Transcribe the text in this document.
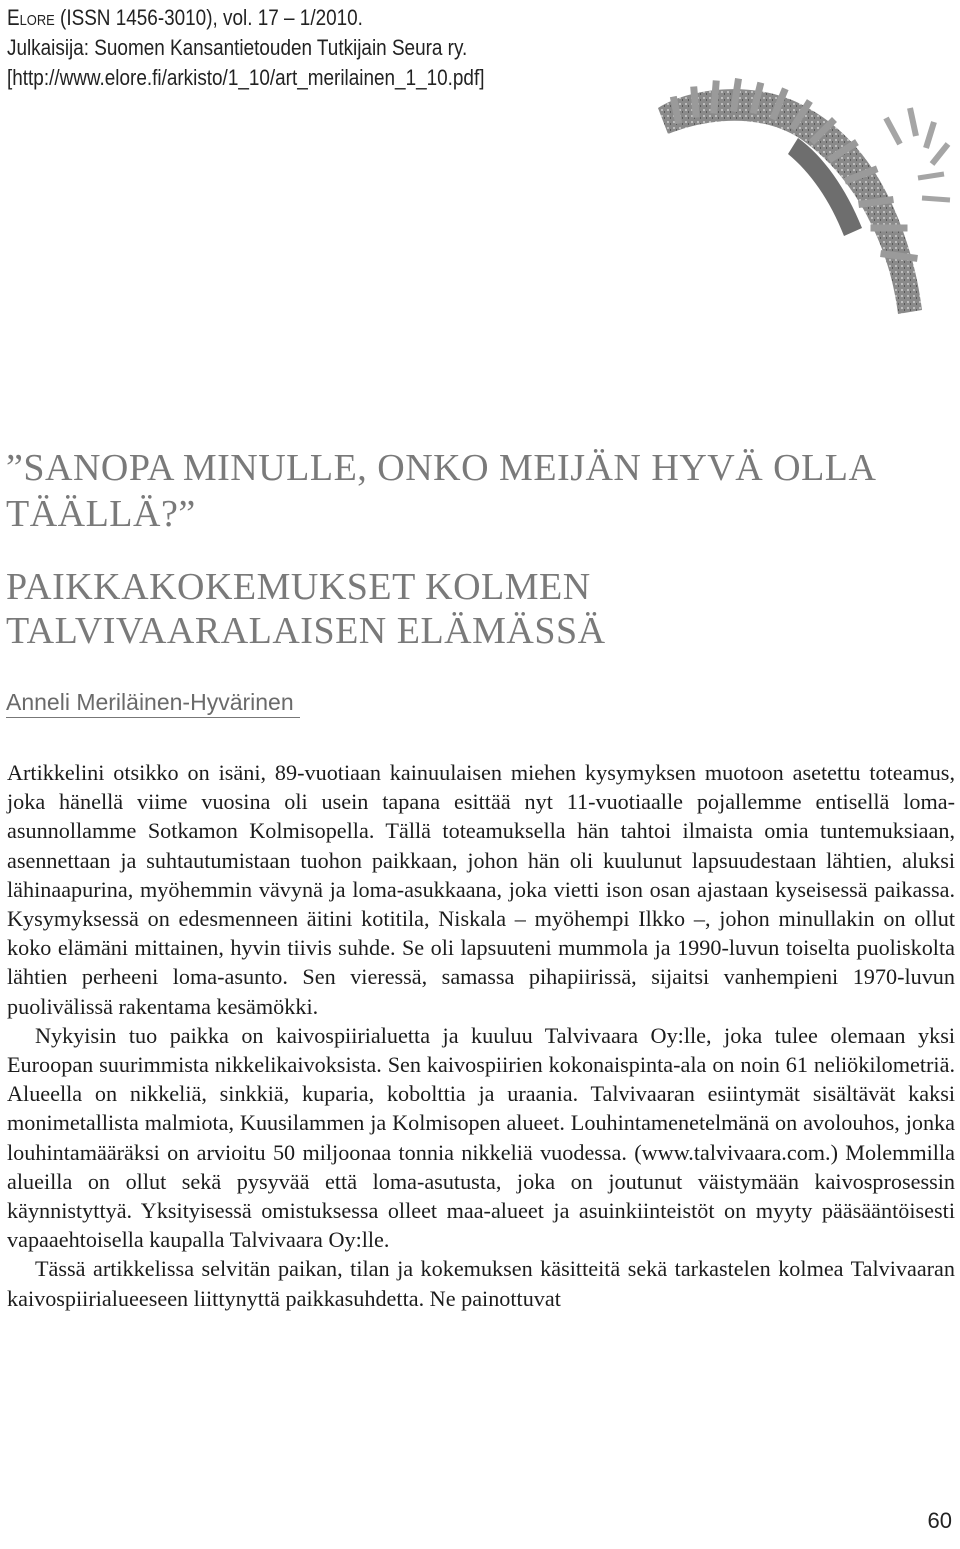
Elore (ISSN 1456-3010), vol. 17 – 1/2010.
Julkaisija: Suomen Kansantietouden Tutkijain Seura ry.
[http://www.elore.fi/arkisto/1_10/art_merilainen_1_10.pdf]
”SANOPA MINULLE, ONKO MEIJÄN HYVÄ OLLA
TÄÄLLÄ?”
PAIKKAKOKEMUKSET KOLMEN
TALVIVAARALAISEN ELÄMÄSSÄ
Anneli Meriläinen-Hyvärinen

Artikkelini otsikko on isäni, 89-vuotiaan kainuulaisen miehen kysymyksen muotoon asetettu toteamus, joka hänellä viime vuosina oli usein tapana esittää nyt 11-vuotiaalle pojallemme entisellä loma-asunnollamme Sotkamon Kolmisopella. Tällä toteamuksella hän tahtoi ilmaista omia tuntemuksiaan, asennettaan ja suhtautumistaan tuohon paikkaan, johon hän oli kuulunut lapsuudestaan lähtien, aluksi lähinaapurina, myöhemmin vävynä ja loma-asukkaana, joka vietti ison osan ajastaan kyseisessä paikassa. Kysymyksessä on edesmenneen äitini kotitila, Niskala – myöhempi Ilkko –, johon minullakin on ollut koko elämäni mittainen, hyvin tiivis suhde. Se oli lapsuuteni mummola ja 1990-luvun toiselta puoliskolta lähtien perheeni loma-asunto. Sen vieressä, samassa pihapiirissä, sijaitsi vanhempieni 1970-luvun puolivälissä rakentama kesämökki.

Nykyisin tuo paikka on kaivospiirialuetta ja kuuluu Talvivaara Oy:lle, joka tulee olemaan yksi Euroopan suurimmista nikkelikaivoksista. Sen kaivospiirien kokonaispinta-ala on noin 61 neliökilometriä. Alueella on nikkeliä, sinkkiä, kuparia, kobolttia ja uraania. Talvivaaran esiintymät sisältävät kaksi monimetallista malmiota, Kuusilammen ja Kolmisopen alueet. Louhintamenetelmänä on avolouhos, jonka louhintamääräksi on arvioitu 50 miljoonaa tonnia nikkeliä vuodessa. (www.talvivaara.com.) Molemmilla alueilla on ollut sekä pysyvää että loma-asutusta, joka on joutunut väistymään kaivosprosessin käynnistyttyä. Yksityisessä omistuksessa olleet maa-alueet ja asuinkiinteistöt on myyty pääsääntöisesti vapaaehtoisella kaupalla Talvivaara Oy:lle.

Tässä artikkelissa selvitän paikan, tilan ja kokemuksen käsitteitä sekä tarkastelen kolmea Talvivaaran kaivospiirialueeseen liittynyttä paikkasuhdetta. Ne painottuvat

60
